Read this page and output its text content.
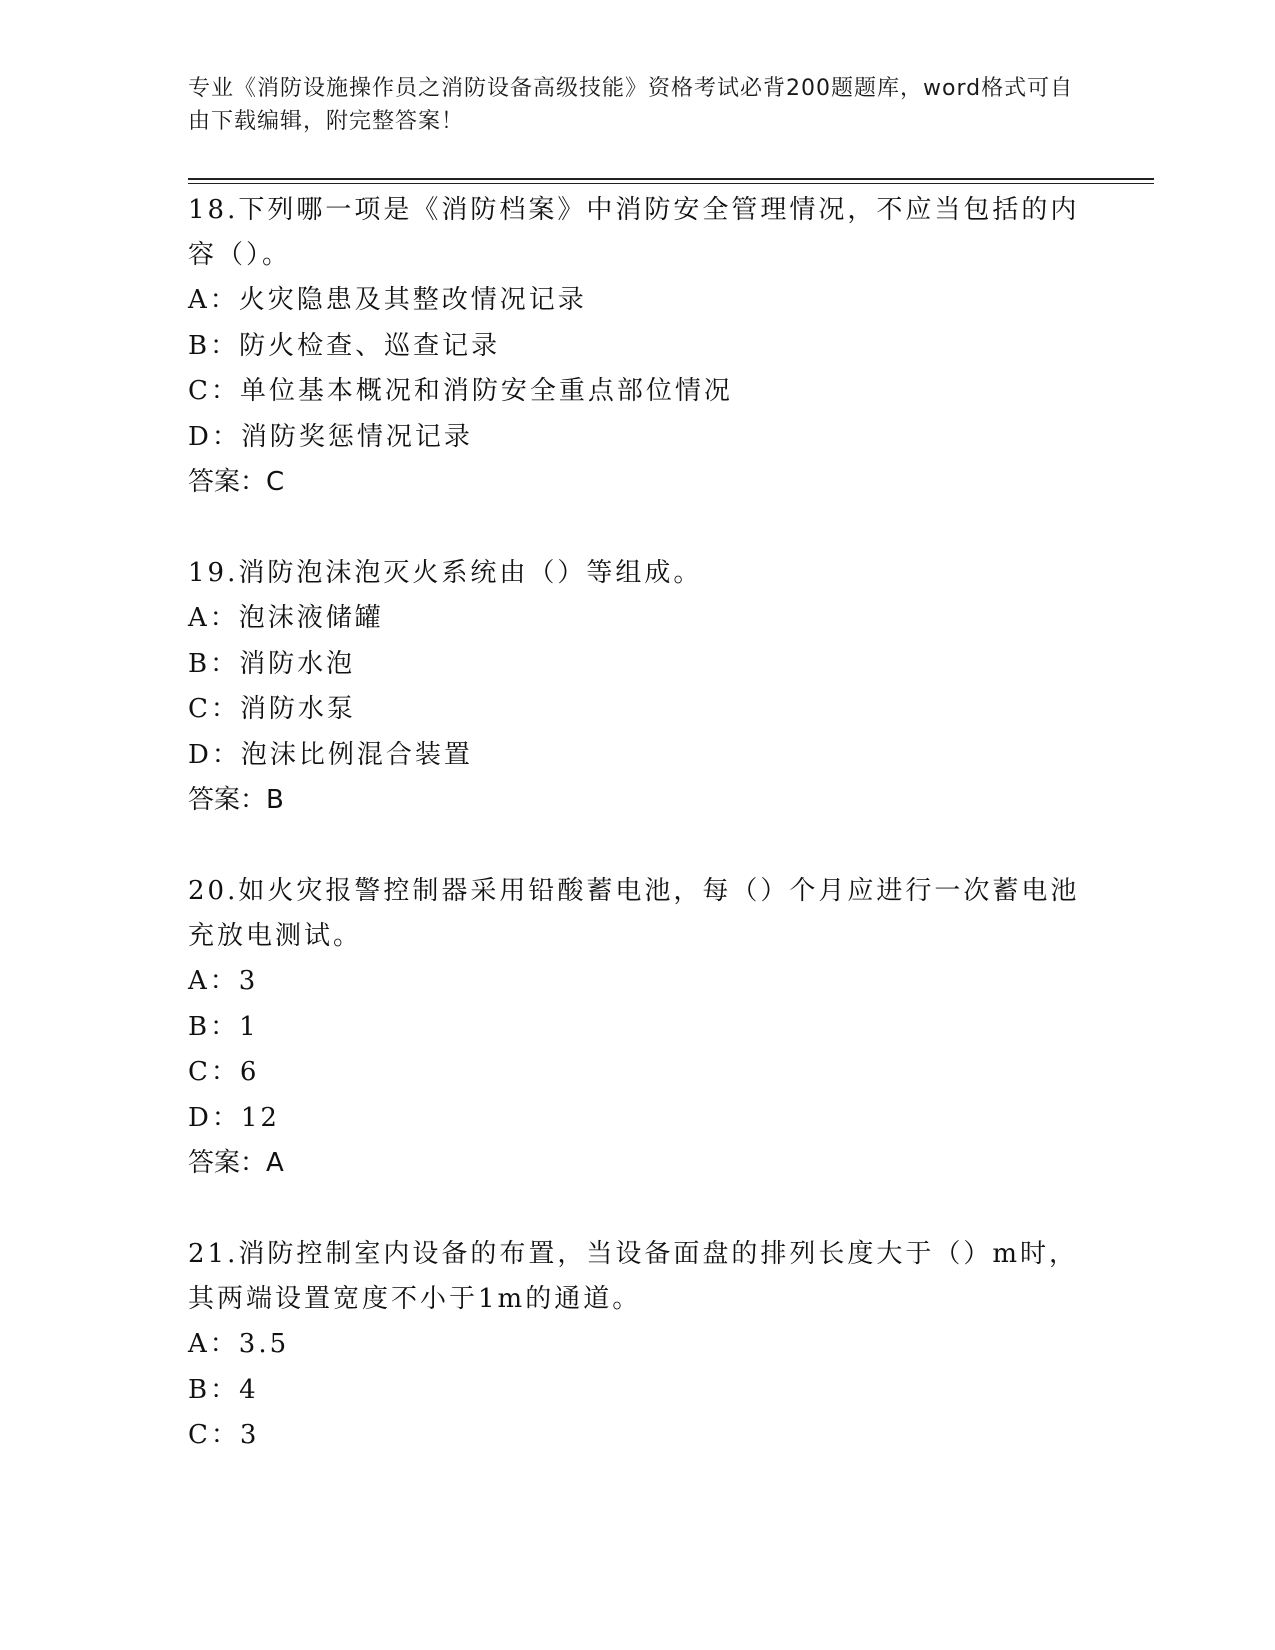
专业《消防设施操作员之消防设备高级技能》资格考试必背200题题库，word格式可自由下载编辑，附完整答案！

18.下列哪一项是《消防档案》中消防安全管理情况，不应当包括的内容（）。

A：火灾隐患及其整改情况记录

B：防火检查、巡查记录

C：单位基本概况和消防安全重点部位情况

D：消防奖惩情况记录

答案：C

19.消防泡沫泡灭火系统由（）等组成。

A：泡沫液储罐

B：消防水泡

C：消防水泵

D：泡沫比例混合装置

答案：B

20.如火灾报警控制器采用铅酸蓄电池，每（）个月应进行一次蓄电池充放电测试。

A：3

B：1

C：6

D：12

答案：A

21.消防控制室内设备的布置，当设备面盘的排列长度大于（）m时，其两端设置宽度不小于1m的通道。

A：3.5

B：4

C：3
